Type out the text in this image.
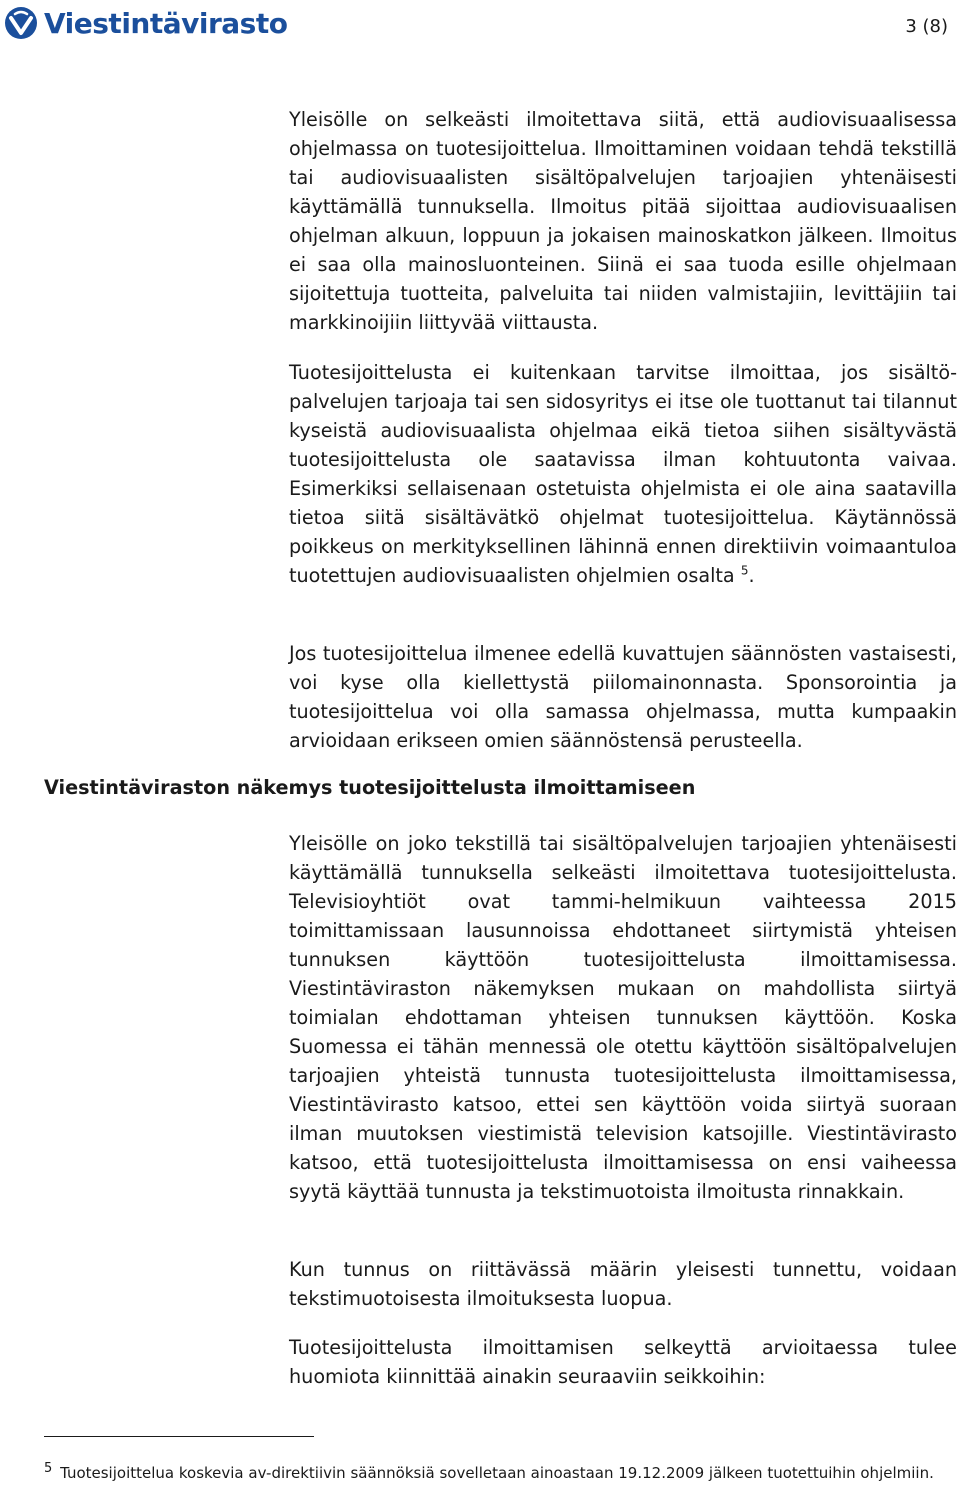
Viestintävirasto	3 (8)

Yleisölle on selkeästi ilmoitettava siitä, että audiovisuaalisessa ohjelmassa on tuotesijoittelua. Ilmoittaminen voidaan tehdä tekstillä tai audiovisuaalisten sisältöpalvelujen tarjoajien yhtenäisesti käyttämällä tunnuksella. Ilmoitus pitää sijoittaa audiovisuaalisen ohjelman alkuun, loppuun ja jokaisen mainoskatkon jälkeen. Ilmoitus ei saa olla mainosluonteinen. Siinä ei saa tuoda esille ohjelmaan sijoitettuja tuotteita, palveluita tai niiden valmistajiin, levittäjiin tai markkinoijiin liittyvää viittausta.

Tuotesijoittelusta ei kuitenkaan tarvitse ilmoittaa, jos sisältöpalvelujen tarjoaja tai sen sidosyritys ei itse ole tuottanut tai tilannut kyseistä audiovisuaalista ohjelmaa eikä tietoa siihen sisältyvästä tuotesijoittelusta ole saatavissa ilman kohtuutonta vaivaa. Esimerkiksi sellaisenaan ostetuista ohjelmista ei ole aina saatavilla tietoa siitä sisältävätkö ohjelmat tuotesijoittelua. Käytännössä poikkeus on merkityksellinen lähinnä ennen direktiivin voimaantuloa tuotettujen audiovisuaalisten ohjelmien osalta $^5$.

Jos tuotesijoittelua ilmenee edellä kuvattujen säännösten vastaisesti, voi kyse olla kiellettystä piilomainonnasta. Sponsorointia ja tuotesijoittelua voi olla samassa ohjelmassa, mutta kumpaakin arvioidaan erikseen omien säännöstensä perusteella.

Viestintäviraston näkemys tuotesijoittelusta ilmoittamiseen

Yleisölle on joko tekstillä tai sisältöpalvelujen tarjoajien yhtenäisesti käyttämällä tunnuksella selkeästi ilmoitettava tuotesijoittelusta. Televisioyhtiöt ovat tammi-helmikuun vaihteessa 2015 toimittamissaan lausunnoissa ehdottaneet siirtymistä yhteisen tunnuksen käyttöön tuotesijoittelusta ilmoittamisessa. Viestintäviraston näkemyksen mukaan on mahdollista siirtyä toimialan ehdottaman yhteisen tunnuksen käyttöön. Koska Suomessa ei tähän mennessä ole otettu käyttöön sisältöpalvelujen tarjoajien yhteistä tunnusta tuotesijoittelusta ilmoittamisessa, Viestintävirasto katsoo, ettei sen käyttöön voida siirtyä suoraan ilman muutoksen viestimistä television katsojille. Viestintävirasto katsoo, että tuotesijoittelusta ilmoittamisessa on ensi vaiheessa syytä käyttää tunnusta ja tekstimuotoista ilmoitusta rinnakkain.

Kun tunnus on riittävässä määrin yleisesti tunnettu, voidaan tekstimuotoisesta ilmoituksesta luopua.

Tuotesijoittelusta ilmoittamisen selkeyttä arvioitaessa tulee huomiota kiinnittää ainakin seuraaviin seikkoihin:

5 Tuotesijoittelua koskevia av-direktiivin säännöksiä sovelletaan ainoastaan 19.12.2009 jälkeen tuotettuihin ohjelmiin.
